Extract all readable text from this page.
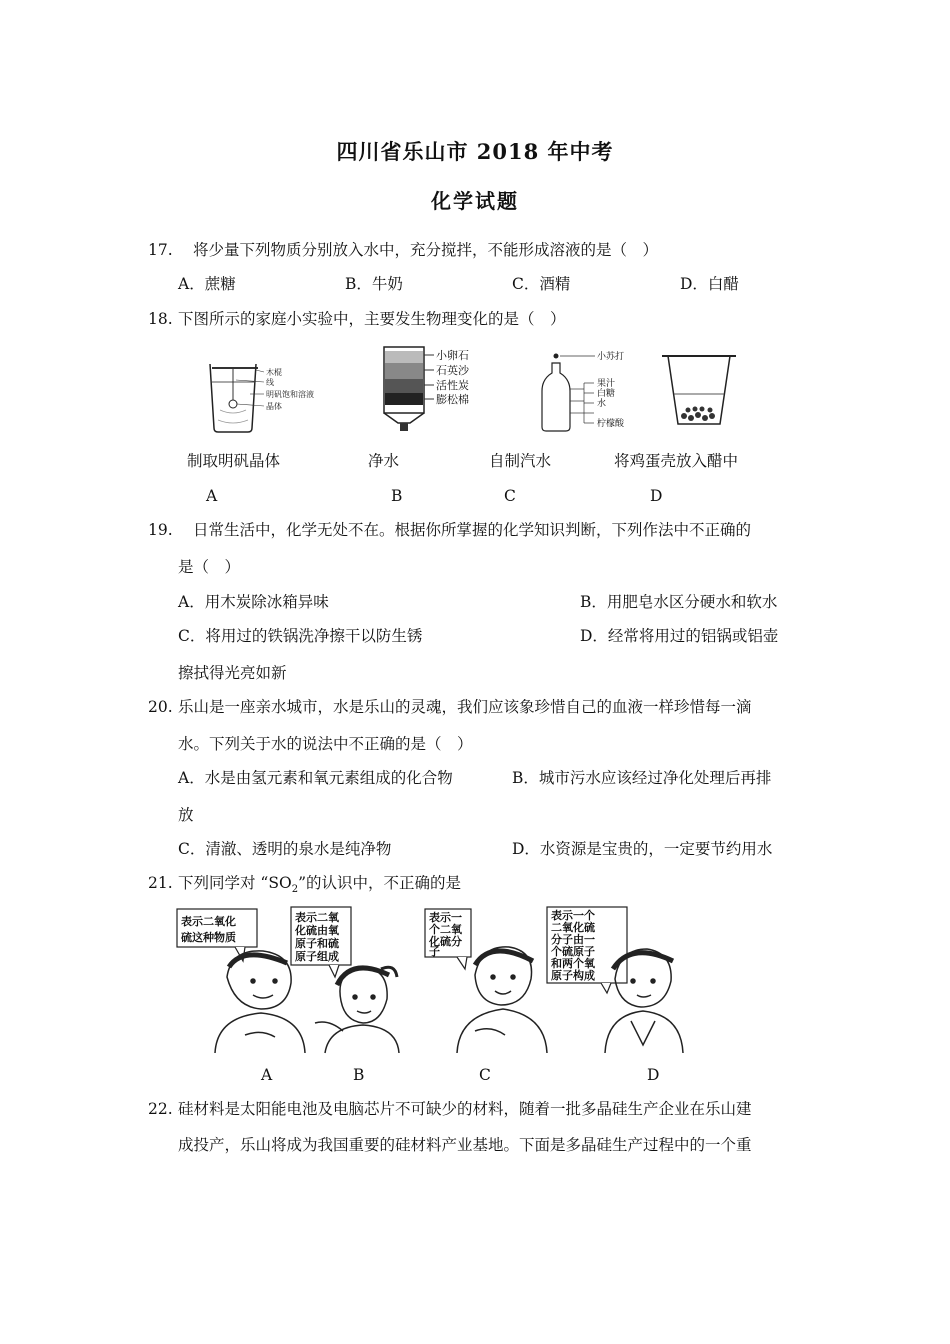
四川省乐山市 2018 年中考
化学试题
17. 将少量下列物质分别放入水中，充分搅拌，不能形成溶液的是（　）
A．蔗糖	B．牛奶	C．酒精	D．白醋
18. 下图所示的家庭小实验中，主要发生物理变化的是（　）
木棍
线
明矾饱和溶液
晶体
小卵石
石英沙
活性炭
膨松棉
小苏打
果汁
白糖
水
柠檬酸
制取明矾晶体	净水	自制汽水	将鸡蛋壳放入醋中
A	B	C	D
19. 日常生活中，化学无处不在。根据你所掌握的化学知识判断，下列作法中不正确的
是（　）
A．用木炭除冰箱异味	B．用肥皂水区分硬水和软水
C．将用过的铁锅洗净擦干以防生锈	D．经常将用过的铝锅或铝壶
擦拭得光亮如新
20. 乐山是一座亲水城市，水是乐山的灵魂，我们应该象珍惜自己的血液一样珍惜每一滴
水。下列关于水的说法中不正确的是（　）
A．水是由氢元素和氧元素组成的化合物	B．城市污水应该经过净化处理后再排
放
C．清澈、透明的泉水是纯净物	D．水资源是宝贵的，一定要节约用水
21. 下列同学对 “$SO_2$”的认识中，不正确的是
表示二氧化
硫这种物质
表示二氧
化硫由氧
原子和硫
原子组成
表示一
个二氧
化硫分
子
表示一个
二氧化硫
分子由一
个硫原子
和两个氧
原子构成
A	B	C	D
22. 硅材料是太阳能电池及电脑芯片不可缺少的材料，随着一批多晶硅生产企业在乐山建
成投产，乐山将成为我国重要的硅材料产业基地。下面是多晶硅生产过程中的一个重
